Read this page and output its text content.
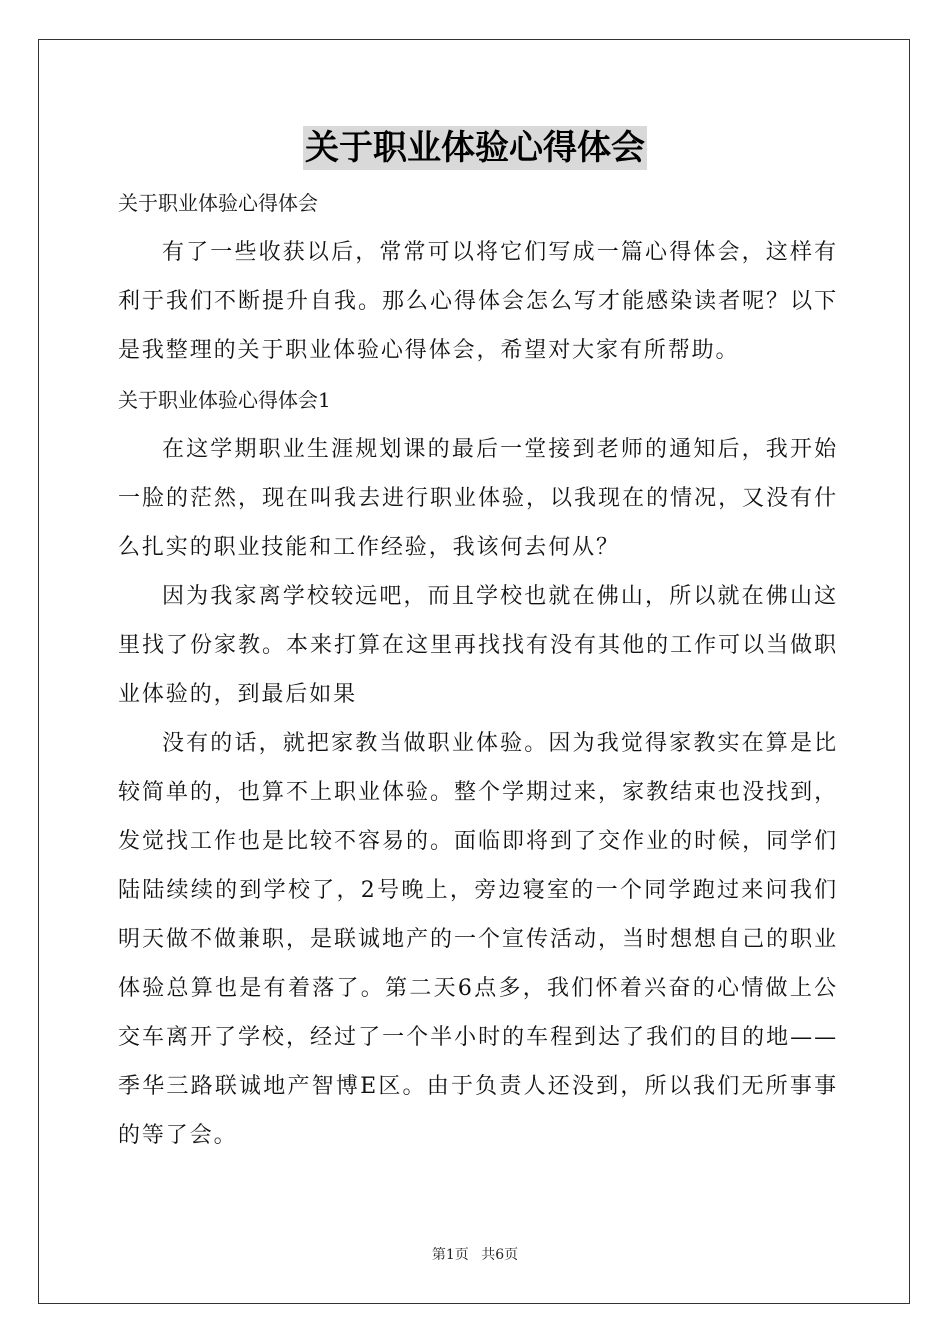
关于职业体验心得体会

关于职业体验心得体会

有了一些收获以后，常常可以将它们写成一篇心得体会，这样有利于我们不断提升自我。那么心得体会怎么写才能感染读者呢？以下是我整理的关于职业体验心得体会，希望对大家有所帮助。

关于职业体验心得体会1

在这学期职业生涯规划课的最后一堂接到老师的通知后，我开始一脸的茫然，现在叫我去进行职业体验，以我现在的情况，又没有什么扎实的职业技能和工作经验，我该何去何从？

因为我家离学校较远吧，而且学校也就在佛山，所以就在佛山这里找了份家教。本来打算在这里再找找有没有其他的工作可以当做职业体验的，到最后如果

没有的话，就把家教当做职业体验。因为我觉得家教实在算是比较简单的，也算不上职业体验。整个学期过来，家教结束也没找到，发觉找工作也是比较不容易的。面临即将到了交作业的时候，同学们陆陆续续的到学校了，2号晚上，旁边寝室的一个同学跑过来问我们明天做不做兼职，是联诚地产的一个宣传活动，当时想想自己的职业体验总算也是有着落了。第二天6点多，我们怀着兴奋的心情做上公交车离开了学校，经过了一个半小时的车程到达了我们的目的地——季华三路联诚地产智博E区。由于负责人还没到，所以我们无所事事的等了会。

第1页 共6页
